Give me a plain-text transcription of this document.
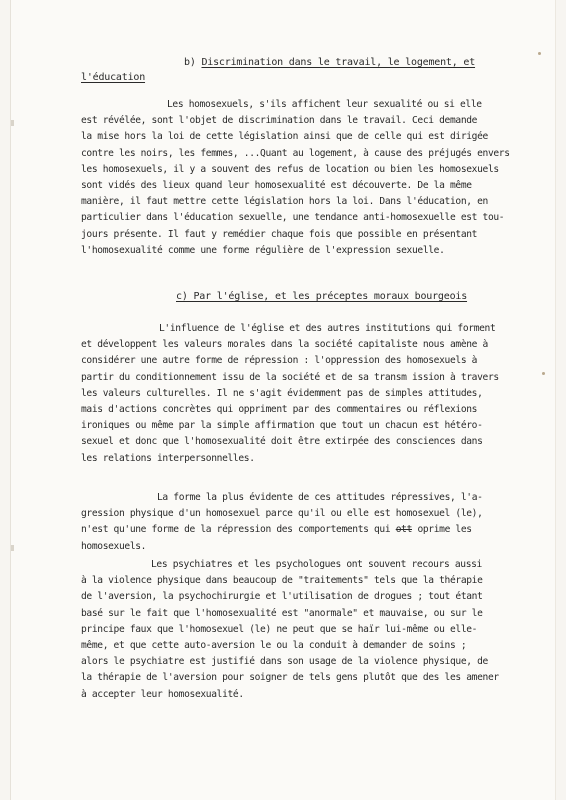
b) Discrimination dans le travail, le logement, et
l'éducation
Les homosexuels, s'ils affichent leur sexualité ou si elle
est révélée, sont l'objet de discrimination dans le travail. Ceci demande
la mise hors la loi de cette législation ainsi que de celle qui est dirigée
contre les noirs, les femmes, ...Quant au logement, à cause des préjugés envers
les homosexuels, il y a souvent des refus de location ou bien les homosexuels
sont vidés des lieux quand leur homosexualité est découverte. De la même
manière, il faut mettre cette législation hors la loi. Dans l'éducation, en
particulier dans l'éducation sexuelle, une tendance anti-homosexuelle est tou-
jours présente. Il faut y remédier chaque fois que possible en présentant
l'homosexualité comme une forme régulière de l'expression sexuelle.
c) Par l'église, et les préceptes moraux bourgeois
L'influence de l'église et des autres institutions qui forment
et développent les valeurs morales dans la société capitaliste nous amène à
considérer une autre forme de répression : l'oppression des homosexuels à
partir du conditionnement issu de la société et de sa transm ission à travers
les valeurs culturelles. Il ne s'agit évidemment pas de simples attitudes,
mais d'actions concrètes qui oppriment par des commentaires ou réflexions
ironiques ou même par la simple affirmation que tout un chacun est hétéro-
sexuel et donc que l'homosexualité doit être extirpée des consciences dans
les relations interpersonnelles.
La forme la plus évidente de ces attitudes répressives, l'a-
gression physique d'un homosexuel parce qu'il ou elle est homosexuel (le),
n'est qu'une forme de la répression des comportements qui ott oprime les
homosexuels.
Les psychiatres et les psychologues ont souvent recours aussi
à la violence physique dans beaucoup de "traitements" tels que la thérapie
de l'aversion, la psychochirurgie et l'utilisation de drogues ; tout étant
basé sur le fait que l'homosexualité est "anormale" et mauvaise, ou sur le
principe faux que l'homosexuel (le) ne peut que se haïr lui-même ou elle-
même, et que cette auto-aversion le ou la conduit à demander de soins ;
alors le psychiatre est justifié dans son usage de la violence physique, de
la thérapie de l'aversion pour soigner de tels gens plutôt que des les amener
à accepter leur homosexualité.
